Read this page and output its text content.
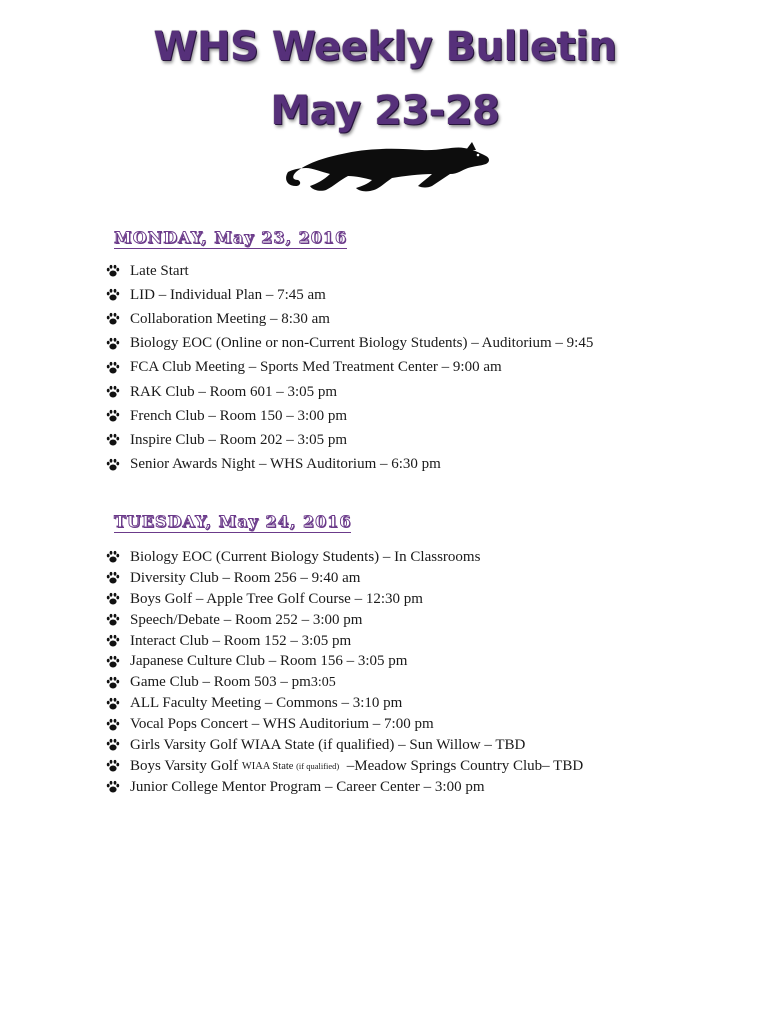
WHS Weekly Bulletin
May 23-28
MONDAY, May 23, 2016
Late Start
LID – Individual Plan – 7:45 am
Collaboration Meeting – 8:30 am
Biology EOC (Online or non-Current Biology Students) – Auditorium – 9:45
FCA Club Meeting – Sports Med Treatment Center – 9:00 am
RAK Club – Room 601 – 3:05 pm
French Club – Room 150 – 3:00 pm
Inspire Club – Room 202 – 3:05 pm
Senior Awards Night – WHS Auditorium – 6:30 pm
TUESDAY, May 24, 2016
Biology EOC (Current Biology Students) – In Classrooms
Diversity Club – Room 256 – 9:40 am
Boys Golf – Apple Tree Golf Course – 12:30 pm
Speech/Debate – Room 252 – 3:00 pm
Interact Club – Room 152 – 3:05 pm
Japanese Culture Club – Room 156 – 3:05 pm
Game Club – Room 503 – pm 3:05
ALL Faculty Meeting – Commons – 3:10 pm
Vocal Pops Concert – WHS Auditorium – 7:00 pm
Girls Varsity Golf WIAA State (if qualified) – Sun Willow – TBD
Boys Varsity Golf WIAA State (if qualified) –Meadow Springs Country Club– TBD
Junior College Mentor Program – Career Center – 3:00 pm
